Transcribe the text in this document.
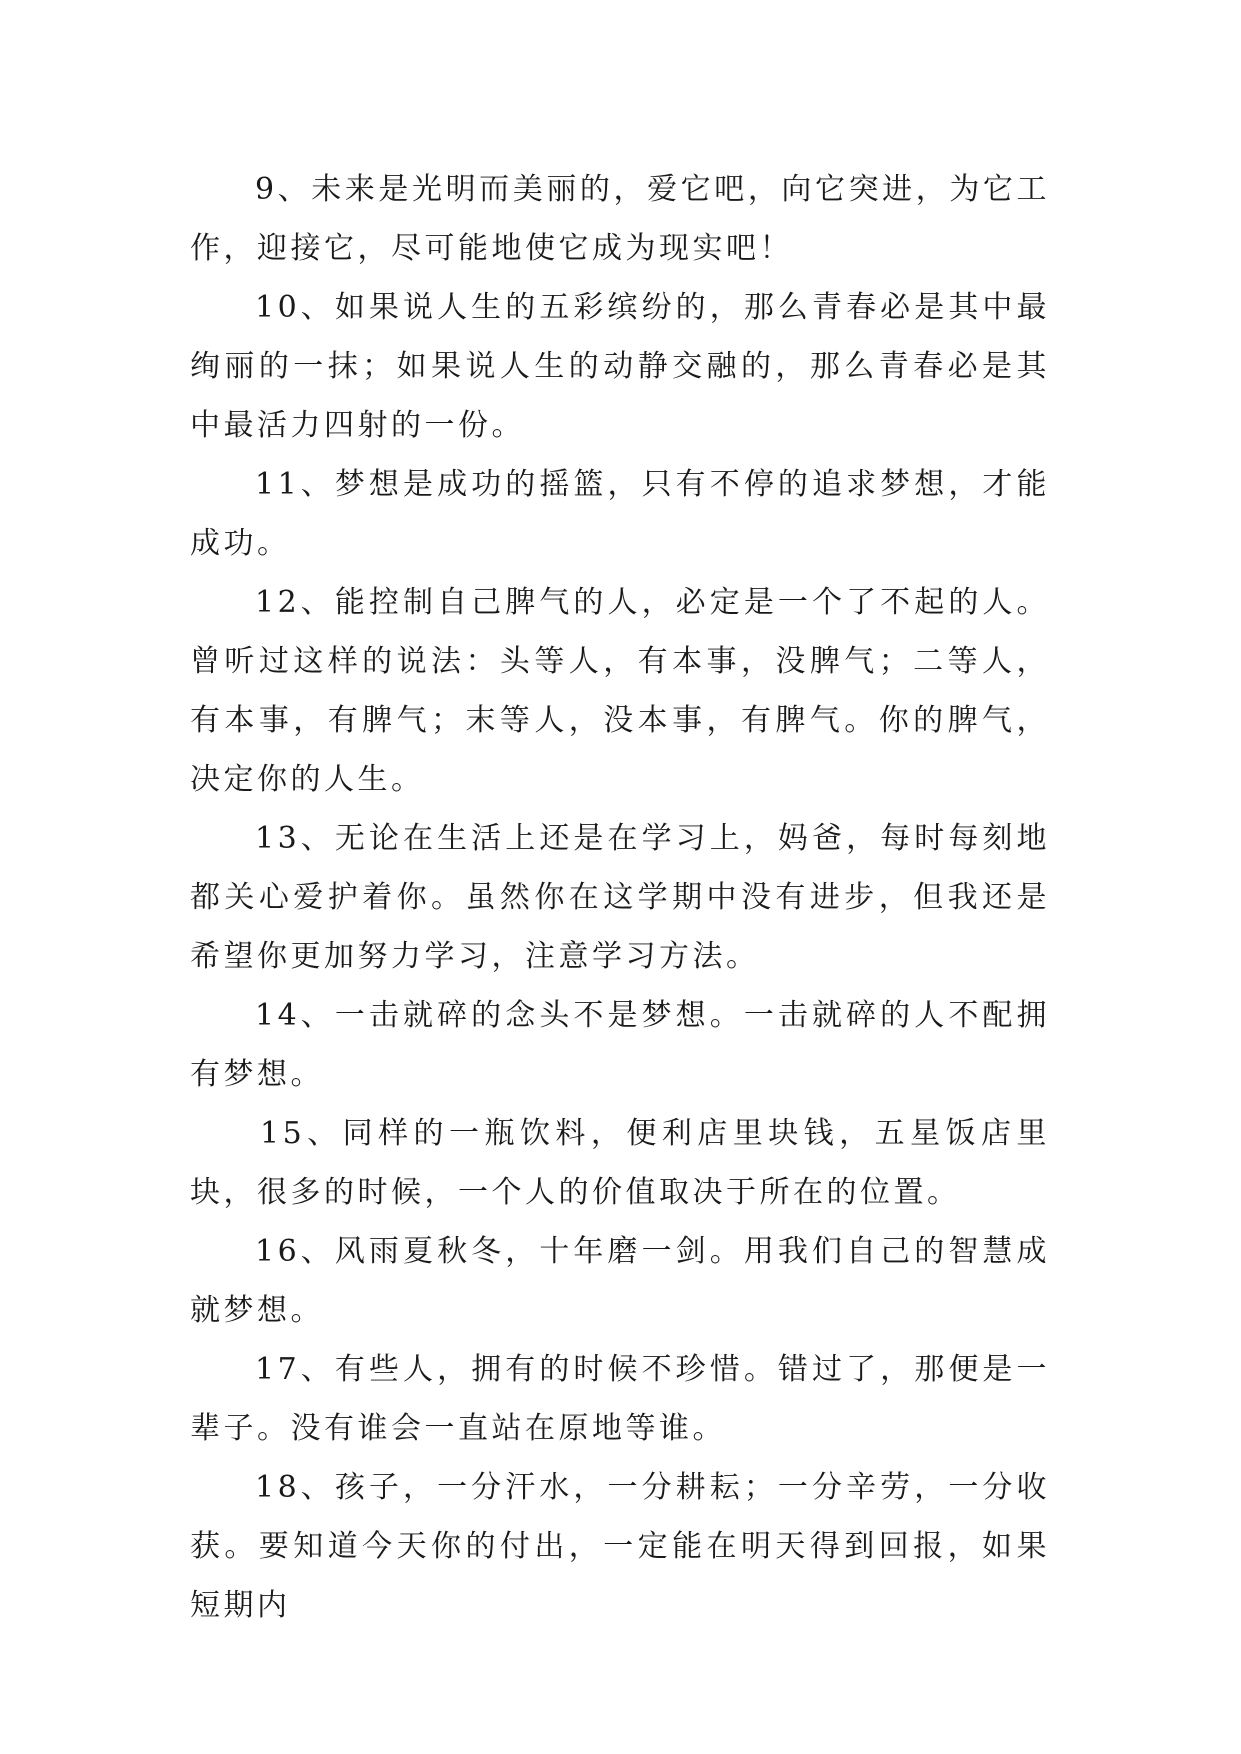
9、未来是光明而美丽的，爱它吧，向它突进，为它工作，迎接它，尽可能地使它成为现实吧！

10、如果说人生的五彩缤纷的，那么青春必是其中最绚丽的一抹；如果说人生的动静交融的，那么青春必是其中最活力四射的一份。

11、梦想是成功的摇篮，只有不停的追求梦想，才能成功。

12、能控制自己脾气的人，必定是一个了不起的人。曾听过这样的说法：头等人，有本事，没脾气；二等人，有本事，有脾气；末等人，没本事，有脾气。你的脾气，决定你的人生。

13、无论在生活上还是在学习上，妈爸，每时每刻地都关心爱护着你。虽然你在这学期中没有进步，但我还是希望你更加努力学习，注意学习方法。

14、一击就碎的念头不是梦想。一击就碎的人不配拥有梦想。

15、同样的一瓶饮料，便利店里块钱，五星饭店里块，很多的时候，一个人的价值取决于所在的位置。

16、风雨夏秋冬，十年磨一剑。用我们自己的智慧成就梦想。

17、有些人，拥有的时候不珍惜。错过了，那便是一辈子。没有谁会一直站在原地等谁。

18、孩子，一分汗水，一分耕耘；一分辛劳，一分收获。要知道今天你的付出，一定能在明天得到回报，如果短期内
